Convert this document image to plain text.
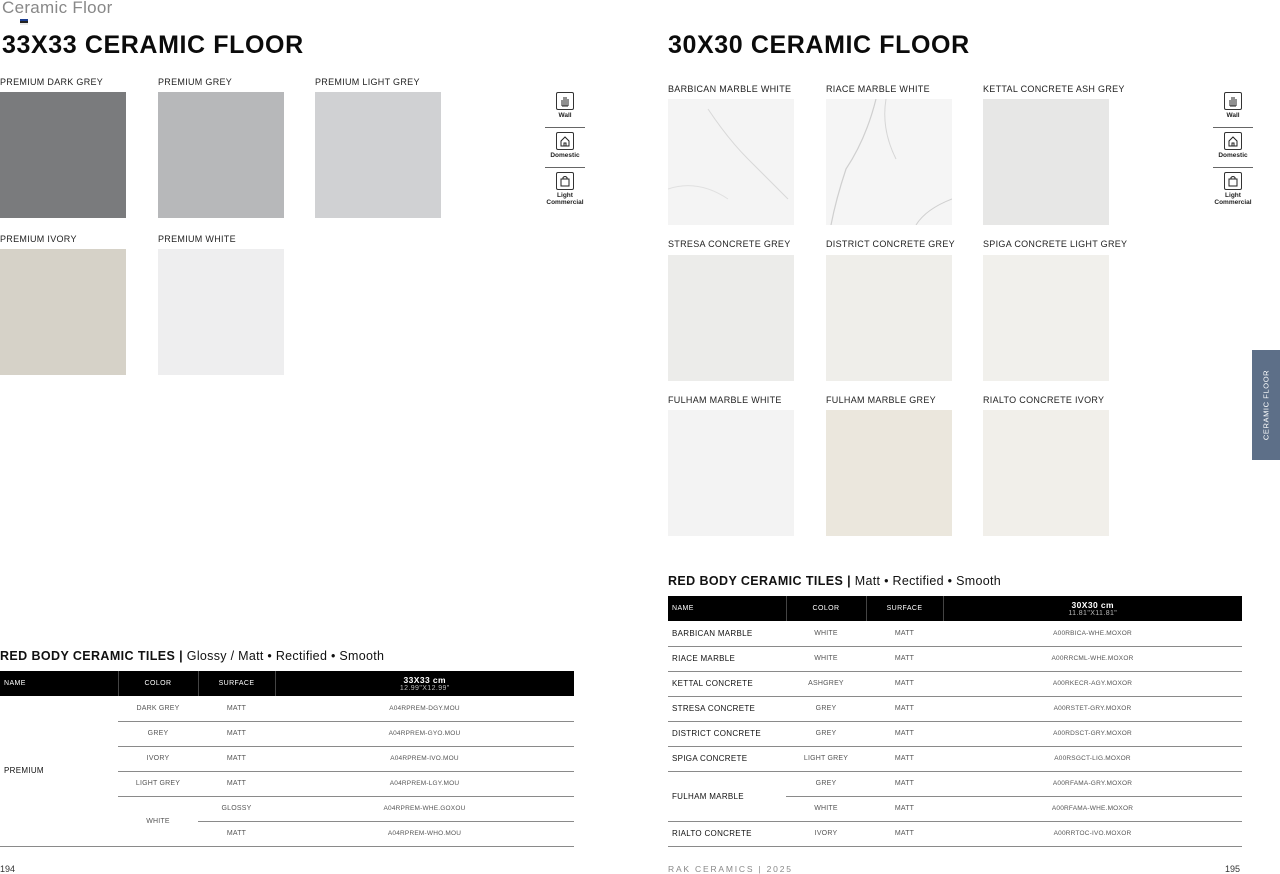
Ceramic Floor
33X33 CERAMIC FLOOR
PREMIUM DARK GREY	PREMIUM GREY	PREMIUM LIGHT GREY
PREMIUM IVORY	PREMIUM WHITE
Wall
Domestic
Light
Commercial
RED BODY CERAMIC TILES | Glossy / Matt • Rectified • Smooth
NAME	COLOR	SURFACE	33X33 cm
12.99"X12.99"

PREMIUM	DARK GREY	MATT	A04RPREM-DGY.MOU
	GREY	MATT	A04RPREM-GYO.MOU
	IVORY	MATT	A04RPREM-IVO.MOU
	LIGHT GREY	MATT	A04RPREM-LGY.MOU
	WHITE	GLOSSY	A04RPREM-WHE.GOXOU
		MATT	A04RPREM-WHO.MOU
194
30X30 CERAMIC FLOOR
BARBICAN MARBLE WHITE	RIACE MARBLE WHITE	KETTAL CONCRETE ASH GREY
STRESA CONCRETE GREY	DISTRICT CONCRETE GREY	SPIGA CONCRETE LIGHT GREY
FULHAM MARBLE WHITE	FULHAM MARBLE GREY	RIALTO CONCRETE IVORY
Wall
Domestic
Light
Commercial
CERAMIC FLOOR
RED BODY CERAMIC TILES | Matt • Rectified • Smooth
NAME	COLOR	SURFACE	30X30 cm
11.81"X11.81"

BARBICAN MARBLE	WHITE	MATT	A00RBICA-WHE.MOXOR
RIACE MARBLE	WHITE	MATT	A00RRCML-WHE.MOXOR
KETTAL CONCRETE	ASHGREY	MATT	A00RKECR-AGY.MOXOR
STRESA CONCRETE	GREY	MATT	A00RSTET-GRY.MOXOR
DISTRICT CONCRETE	GREY	MATT	A00RDSCT-GRY.MOXOR
SPIGA CONCRETE	LIGHT GREY	MATT	A00RSGCT-LIG.MOXOR
FULHAM MARBLE	GREY	MATT	A00RFAMA-GRY.MOXOR
	WHITE	MATT	A00RFAMA-WHE.MOXOR
RIALTO CONCRETE	IVORY	MATT	A00RRTOC-IVO.MOXOR
RAK CERAMICS | 2025	195
